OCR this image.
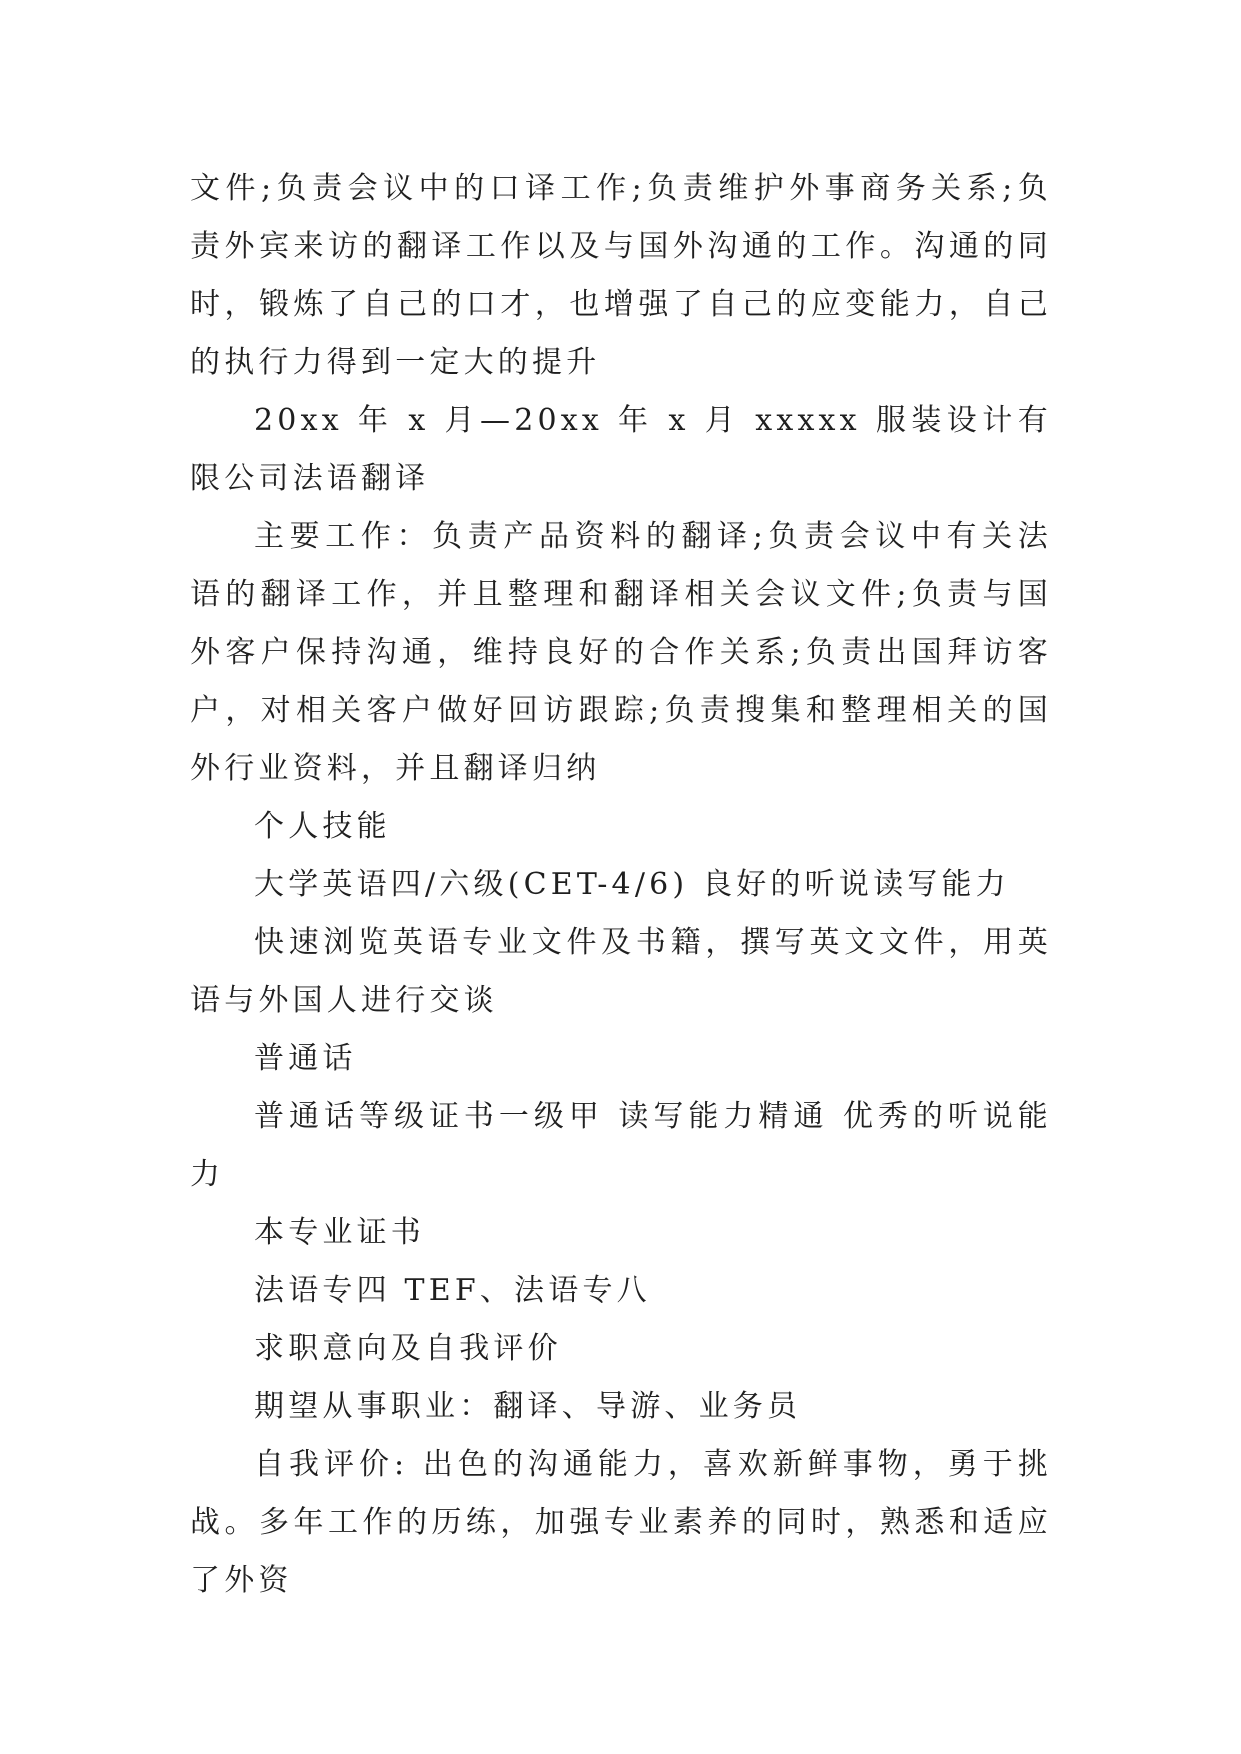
文件;负责会议中的口译工作;负责维护外事商务关系;负责外宾来访的翻译工作以及与国外沟通的工作。沟通的同时，锻炼了自己的口才，也增强了自己的应变能力，自己的执行力得到一定大的提升

20xx 年 x 月—20xx 年 x 月 xxxxx 服装设计有限公司法语翻译

主要工作：负责产品资料的翻译;负责会议中有关法语的翻译工作，并且整理和翻译相关会议文件;负责与国外客户保持沟通，维持良好的合作关系;负责出国拜访客户，对相关客户做好回访跟踪;负责搜集和整理相关的国外行业资料，并且翻译归纳

个人技能

大学英语四/六级(CET-4/6) 良好的听说读写能力

快速浏览英语专业文件及书籍，撰写英文文件，用英语与外国人进行交谈

普通话

普通话等级证书一级甲 读写能力精通 优秀的听说能力

本专业证书

法语专四 TEF、法语专八

求职意向及自我评价

期望从事职业：翻译、导游、业务员

自我评价: 出色的沟通能力，喜欢新鲜事物，勇于挑战。多年工作的历练，加强专业素养的同时，熟悉和适应了外资
